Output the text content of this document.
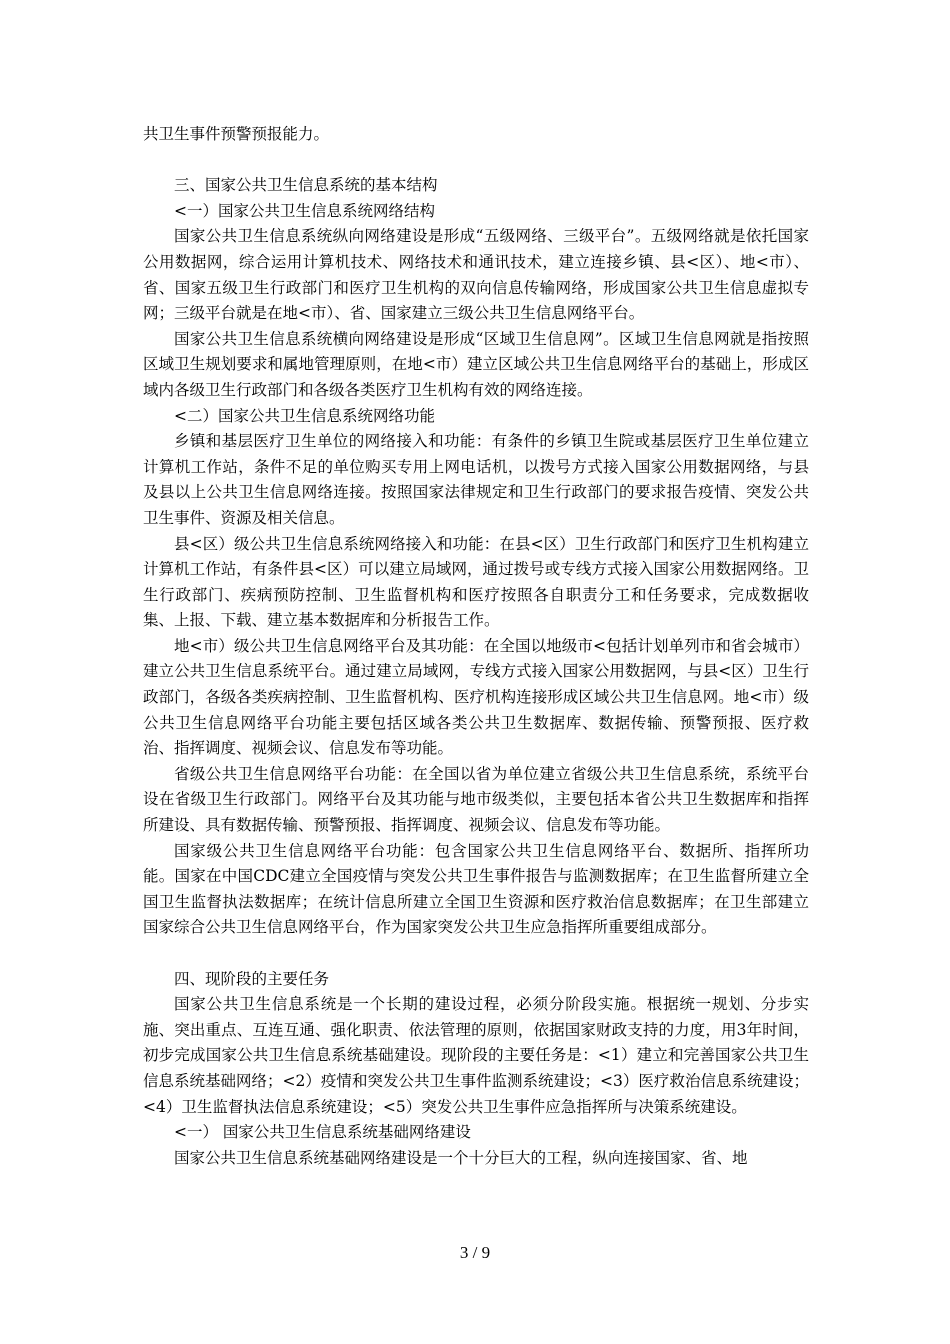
共卫生事件预警预报能力。

三、国家公共卫生信息系统的基本结构

<一）国家公共卫生信息系统网络结构

国家公共卫生信息系统纵向网络建设是形成“五级网络、三级平台”。五级网络就是依托国家公用数据网，综合运用计算机技术、网络技术和通讯技术，建立连接乡镇、县<区）、地<市）、省、国家五级卫生行政部门和医疗卫生机构的双向信息传输网络，形成国家公共卫生信息虚拟专网；三级平台就是在地<市）、省、国家建立三级公共卫生信息网络平台。

国家公共卫生信息系统横向网络建设是形成“区域卫生信息网”。区域卫生信息网就是指按照区域卫生规划要求和属地管理原则，在地<市）建立区域公共卫生信息网络平台的基础上，形成区域内各级卫生行政部门和各级各类医疗卫生机构有效的网络连接。

<二）国家公共卫生信息系统网络功能

乡镇和基层医疗卫生单位的网络接入和功能：有条件的乡镇卫生院或基层医疗卫生单位建立计算机工作站，条件不足的单位购买专用上网电话机，以拨号方式接入国家公用数据网络，与县及县以上公共卫生信息网络连接。按照国家法律规定和卫生行政部门的要求报告疫情、突发公共卫生事件、资源及相关信息。

县<区）级公共卫生信息系统网络接入和功能：在县<区）卫生行政部门和医疗卫生机构建立计算机工作站，有条件县<区）可以建立局域网，通过拨号或专线方式接入国家公用数据网络。卫生行政部门、疾病预防控制、卫生监督机构和医疗按照各自职责分工和任务要求，完成数据收集、上报、下载、建立基本数据库和分析报告工作。

地<市）级公共卫生信息网络平台及其功能：在全国以地级市<包括计划单列市和省会城市）建立公共卫生信息系统平台。通过建立局域网，专线方式接入国家公用数据网，与县<区）卫生行政部门，各级各类疾病控制、卫生监督机构、医疗机构连接形成区域公共卫生信息网。地<市）级公共卫生信息网络平台功能主要包括区域各类公共卫生数据库、数据传输、预警预报、医疗救治、指挥调度、视频会议、信息发布等功能。

省级公共卫生信息网络平台功能：在全国以省为单位建立省级公共卫生信息系统，系统平台设在省级卫生行政部门。网络平台及其功能与地市级类似，主要包括本省公共卫生数据库和指挥所建设、具有数据传输、预警预报、指挥调度、视频会议、信息发布等功能。

国家级公共卫生信息网络平台功能：包含国家公共卫生信息网络平台、数据所、指挥所功能。国家在中国CDC建立全国疫情与突发公共卫生事件报告与监测数据库；在卫生监督所建立全国卫生监督执法数据库；在统计信息所建立全国卫生资源和医疗救治信息数据库；在卫生部建立国家综合公共卫生信息网络平台，作为国家突发公共卫生应急指挥所重要组成部分。

四、现阶段的主要任务

国家公共卫生信息系统是一个长期的建设过程，必须分阶段实施。根据统一规划、分步实施、突出重点、互连互通、强化职责、依法管理的原则，依据国家财政支持的力度，用3年时间，初步完成国家公共卫生信息系统基础建设。现阶段的主要任务是：<1）建立和完善国家公共卫生信息系统基础网络；<2）疫情和突发公共卫生事件监测系统建设；<3）医疗救治信息系统建设；<4）卫生监督执法信息系统建设；<5）突发公共卫生事件应急指挥所与决策系统建设。

<一） 国家公共卫生信息系统基础网络建设

国家公共卫生信息系统基础网络建设是一个十分巨大的工程，纵向连接国家、省、地

3 / 9
